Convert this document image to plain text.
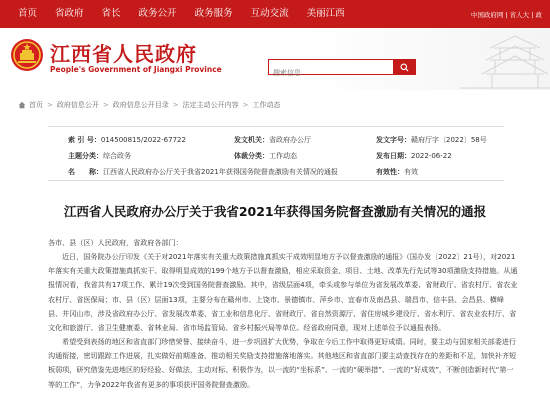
首页	省政府	省长	政务公开	政务服务	互动交流	美丽江西	中国政府网 | 省人大 | 政
江西省人民政府
People's Government of Jiangxi Province
搜索信息
首页 > 政府信息公开 > 政府信息公开目录 > 法定主动公开内容 > 工作动态
索 引 号：014500815/2022-67722	发文机关：省政府办公厅	发文字号：赣府厅字〔2022〕58号
主题分类：综合政务	体裁分类：工作动态	发布日期：2022-06-22
名　　称：江西省人民政府办公厅关于我省2021年获得国务院督查激励有关情况的通报	有效性：有效
江西省人民政府办公厅关于我省2021年获得国务院督查激励有关情况的通报
各市、县（区）人民政府，省政府各部门：
近日，国务院办公厅印发《关于对2021年落实有关重大政策措施真抓实干成效明显地方予以督查激励的通报》（国办发〔2022〕21号），对2021年落实有关重大政策措施真抓实干、取得明显成效的199个地方予以督查激励，相应采取资金、项目、土地、改革先行先试等30项激励支持措施。从通报情况看，我省共有17项工作、累计19次受到国务院督查激励。其中，省级层面4项，牵头或参与单位为省发展改革委、省财政厅、省农村厅、省农业农村厅、省医保局；市、县（区）层面13项，主要分布在赣州市、上饶市、景德镇市、萍乡市、宜春市及南昌县、瑞昌市、信丰县、会昌县、横峰县、井冈山市，涉及省政府办公厅、省发展改革委、省工业和信息化厅、省财政厅、省自然资源厅、省住房城乡建设厅、省水利厅、省农业农村厅、省文化和旅游厅、省卫生健康委、省林业局、省市场监管局、省乡村振兴局等单位。经省政府同意，现对上述单位予以通报表扬。
希望受到表扬的地区和省直部门珍惜荣誉、接续奋斗，进一步巩固扩大优势，争取在今后工作中取得更好成绩。同时，要主动与国家相关部委进行沟通衔接，密切跟踪工作进展，扎实做好前期准备，推动相关奖励支持措施落地落实。其他地区和省直部门要主动查找存在的差距和不足，加快补齐短板弱项，研究借鉴先进地区的好经验、好做法，主动对标、积极作为，以一流的“坐标系”、一流的“硬举措”、一流的“好成效”，不断创造新时代“第一等的工作”，力争2022年我省有更多的事项获评国务院督查激励。
